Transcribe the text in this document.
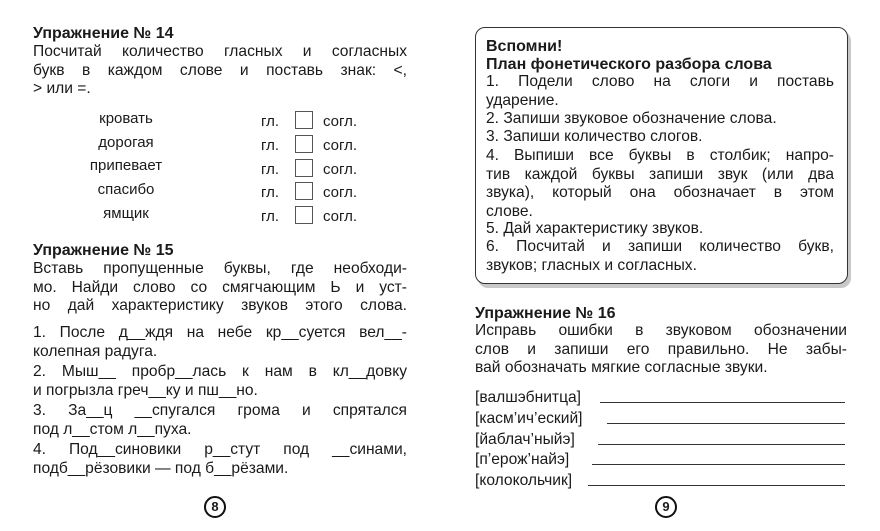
Упражнение № 14
Посчитай количество гласных и согласных
букв в каждом слове и поставь знак: <,
> или =.
кровать	гл.	согл.
дорогая	гл.	согл.
припевает	гл.	согл.
спасибо	гл.	согл.
ямщик	гл.	согл.
Упражнение № 15
Вставь пропущенные буквы, где необходи-
мо. Найди слово со смягчающим Ь и уст-
но дай характеристику звуков этого слова.
1. После д__ждя на небе кр__суется вел__-
колепная радуга.
2. Мыш__ пробр__лась к нам в кл__довку
и погрызла греч__ку и пш__но.
3. За__ц __спугался грома и спрятался
под л__стом л__пуха.
4. Под__синовики р__стут под __синами,
подб__рёзовики — под б__рёзами.
8
Вспомни!
План фонетического разбора слова
1. Подели слово на слоги и поставь
ударение.
2. Запиши звуковое обозначение слова.
3. Запиши количество слогов.
4. Выпиши все буквы в столбик; напро-
тив каждой буквы запиши звук (или два
звука), который она обозначает в этом
слове.
5. Дай характеристику звуков.
6. Посчитай и запиши количество букв,
звуков; гласных и согласных.
Упражнение № 16
Исправь ошибки в звуковом обозначении
слов и запиши его правильно. Не забы-
вай обозначать мягкие согласные звуки.
[валшэбнитца]
[касм’ич’еский]
[йаблач’ныйэ]
[п’ерож’найэ]
[колокольчик]
9
